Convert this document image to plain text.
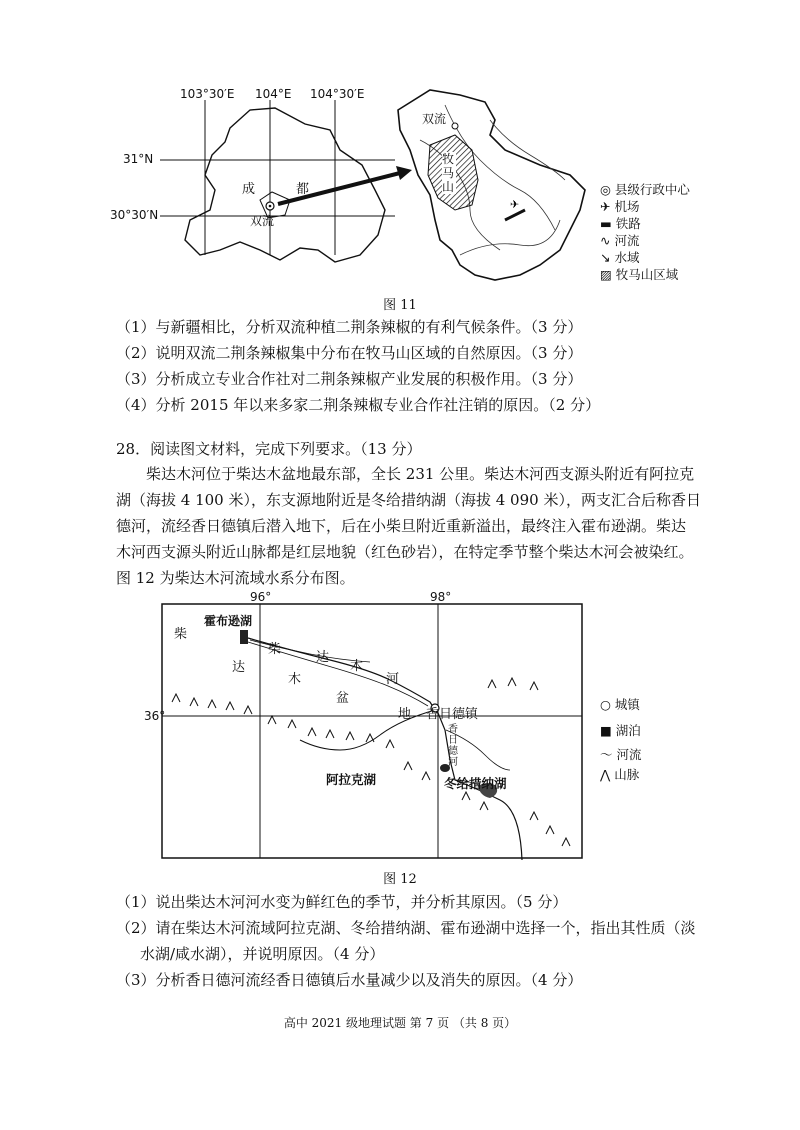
✈
103°30′E 104°E 104°30′E
31°N
30°30′N
成	都
双流
双流
牧马山	◎ 县级行政中心
✈ 机场
▬ 铁路
∿ 河流
↘ 水域
▨ 牧马山区域
图 11
（1）与新疆相比，分析双流种植二荆条辣椒的有利气候条件。（3 分）
（2）说明双流二荆条辣椒集中分布在牧马山区域的自然原因。（3 分）
（3）分析成立专业合作社对二荆条辣椒产业发展的积极作用。（3 分）
（4）分析 2015 年以来多家二荆条辣椒专业合作社注销的原因。（2 分）
28．阅读图文材料，完成下列要求。（13 分）
柴达木河位于柴达木盆地最东部，全长 231 公里。柴达木河西支源头附近有阿拉克
湖（海拔 4 100 米），东支源地附近是冬给措纳湖（海拔 4 090 米），两支汇合后称香日
德河，流经香日德镇后潜入地下，后在小柴旦附近重新溢出，最终注入霍布逊湖。柴达
木河西支源头附近山脉都是红层地貌（红色砂岩），在特定季节整个柴达木河会被染红。
图 12 为柴达木河流域水系分布图。
96°	98°
36°
柴
达
霍布逊湖
柴
达
木
河
木
盆
地 香日德镇
香日德河
阿拉克湖	冬给措纳湖
○ 城镇
■ 湖泊
〜 河流
⋀ 山脉
图 12
（1）说出柴达木河河水变为鲜红色的季节，并分析其原因。（5 分）
（2）请在柴达木河流域阿拉克湖、冬给措纳湖、霍布逊湖中选择一个，指出其性质（淡
水湖/咸水湖），并说明原因。（4 分）
（3）分析香日德河流经香日德镇后水量减少以及消失的原因。（4 分）
高中 2021 级地理试题 第 7 页 （共 8 页）
